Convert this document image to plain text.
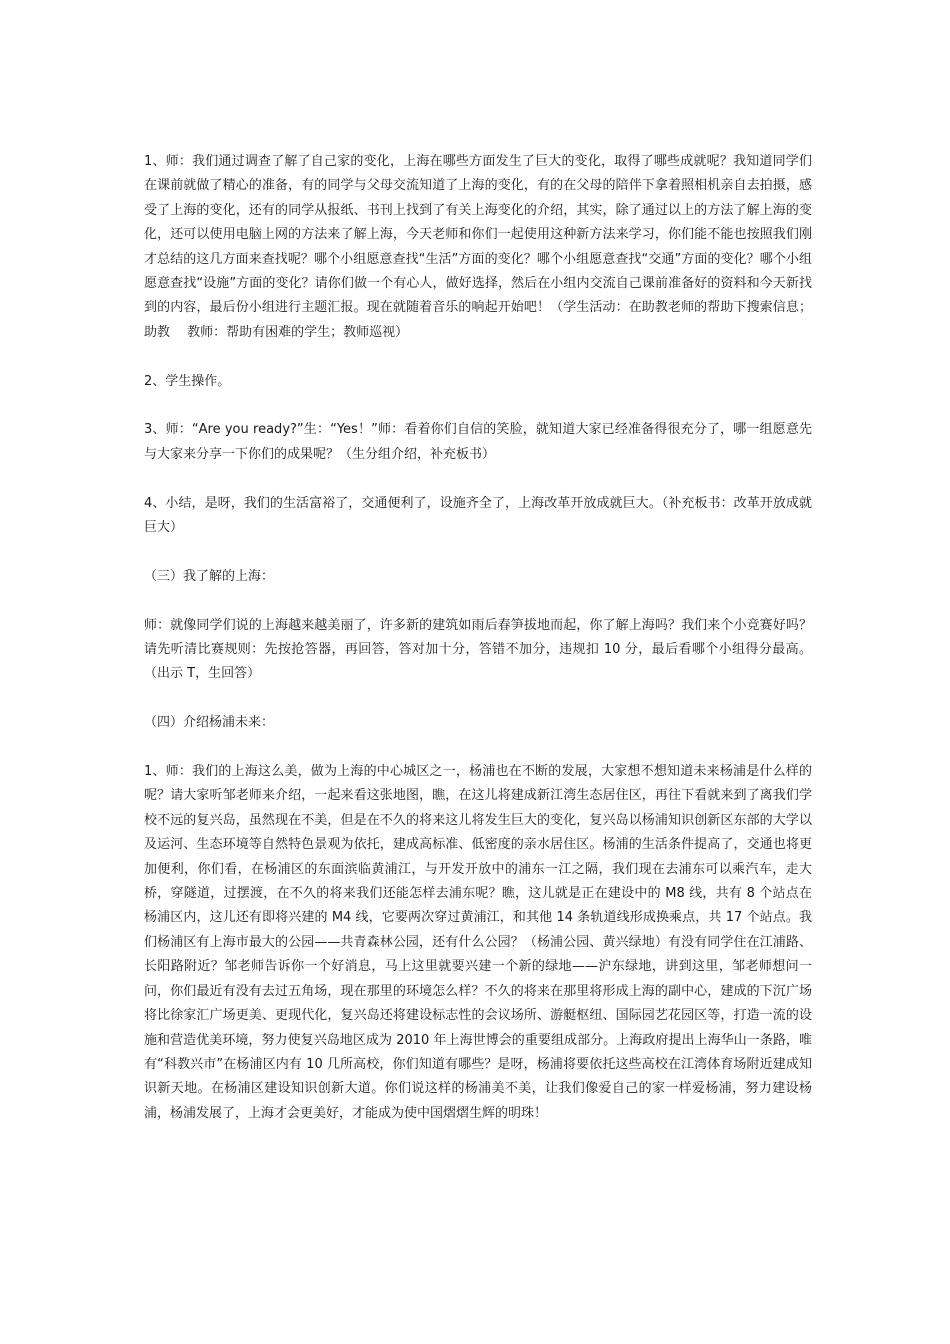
1、师：我们通过调查了解了自己家的变化，上海在哪些方面发生了巨大的变化，取得了哪些成就呢？我知道同学们在课前就做了精心的准备，有的同学与父母交流知道了上海的变化，有的在父母的陪伴下拿着照相机亲自去拍摄，感受了上海的变化，还有的同学从报纸、书刊上找到了有关上海变化的介绍，其实，除了通过以上的方法了解上海的变化，还可以使用电脑上网的方法来了解上海，今天老师和你们一起使用这种新方法来学习，你们能不能也按照我们刚才总结的这几方面来查找呢？哪个小组愿意查找“生活”方面的变化？哪个小组愿意查找“交通”方面的变化？哪个小组愿意查找“设施”方面的变化？请你们做一个有心人，做好选择，然后在小组内交流自己课前准备好的资料和今天新找到的内容，最后份小组进行主题汇报。现在就随着音乐的响起开始吧！（学生活动：在助教老师的帮助下搜索信息；助教　 教师：帮助有困难的学生；教师巡视）

2、学生操作。

3、师：“Are you ready?”生：“Yes！”师：看着你们自信的笑脸，就知道大家已经准备得很充分了，哪一组愿意先与大家来分享一下你们的成果呢？（生分组介绍，补充板书）

4、小结，是呀，我们的生活富裕了，交通便利了，设施齐全了，上海改革开放成就巨大。（补充板书：改革开放成就巨大）

（三）我了解的上海：

师：就像同学们说的上海越来越美丽了，许多新的建筑如雨后春笋拔地而起，你了解上海吗？我们来个小竞赛好吗？请先听清比赛规则：先按抢答器，再回答，答对加十分，答错不加分，违规扣 10 分，最后看哪个小组得分最高。（出示 T，生回答）

（四）介绍杨浦未来：

1、师：我们的上海这么美，做为上海的中心城区之一，杨浦也在不断的发展，大家想不想知道未来杨浦是什么样的呢？请大家听邹老师来介绍，一起来看这张地图，瞧，在这儿将建成新江湾生态居住区，再往下看就来到了离我们学校不远的复兴岛，虽然现在不美，但是在不久的将来这儿将发生巨大的变化，复兴岛以杨浦知识创新区东部的大学以及运河、生态环境等自然特色景观为依托，建成高标准、低密度的亲水居住区。杨浦的生活条件提高了，交通也将更加便利，你们看，在杨浦区的东面滨临黄浦江，与开发开放中的浦东一江之隔，我们现在去浦东可以乘汽车，走大桥，穿隧道，过摆渡，在不久的将来我们还能怎样去浦东呢？瞧，这儿就是正在建设中的 M8 线，共有 8 个站点在杨浦区内，这儿还有即将兴建的 M4 线，它要两次穿过黄浦江，和其他 14 条轨道线形成换乘点，共 17 个站点。我们杨浦区有上海市最大的公园——共青森林公园，还有什么公园？（杨浦公园、黄兴绿地）有没有同学住在江浦路、长阳路附近？邹老师告诉你一个好消息，马上这里就要兴建一个新的绿地——沪东绿地，讲到这里，邹老师想问一问，你们最近有没有去过五角场，现在那里的环境怎么样？不久的将来在那里将形成上海的副中心，建成的下沉广场将比徐家汇广场更美、更现代化，复兴岛还将建设标志性的会议场所、游艇枢纽、国际园艺花园区等，打造一流的设施和营造优美环境，努力使复兴岛地区成为 2010 年上海世博会的重要组成部分。上海政府提出上海华山一条路，唯有“科教兴市”在杨浦区内有 10 几所高校，你们知道有哪些？是呀，杨浦将要依托这些高校在江湾体育场附近建成知识新天地。在杨浦区建设知识创新大道。你们说这样的杨浦美不美，让我们像爱自己的家一样爱杨浦，努力建设杨浦，杨浦发展了，上海才会更美好，才能成为使中国熠熠生辉的明珠！
